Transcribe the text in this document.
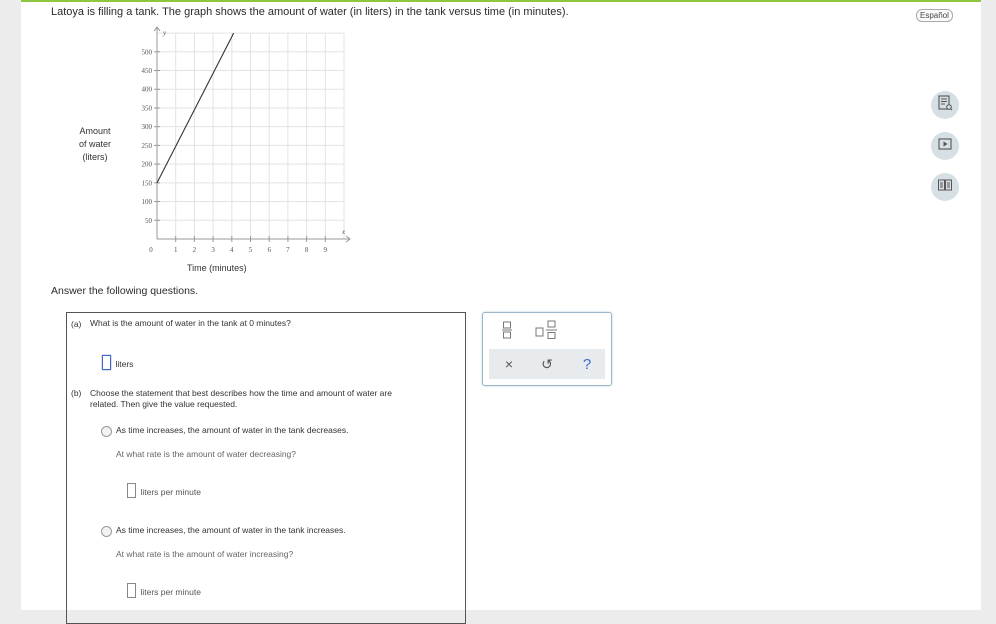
Latoya is filling a tank. The graph shows the amount of water (in liters) in the tank versus time (in minutes).	Español
1 2 3 4 5 6 7 8 9
50
100
150
200
250
300
350
400
450
500
0
y
x
Amount
of water
(liters)
Time (minutes)
Answer the following questions.
(a) What is the amount of water in the tank at 0 minutes?
liters
(b) Choose the statement that best describes how the time and amount of water are
related. Then give the value requested.
As time increases, the amount of water in the tank decreases.
At what rate is the amount of water decreasing?
liters per minute
As time increases, the amount of water in the tank increases.
At what rate is the amount of water increasing?
liters per minute
× ↺ ?
